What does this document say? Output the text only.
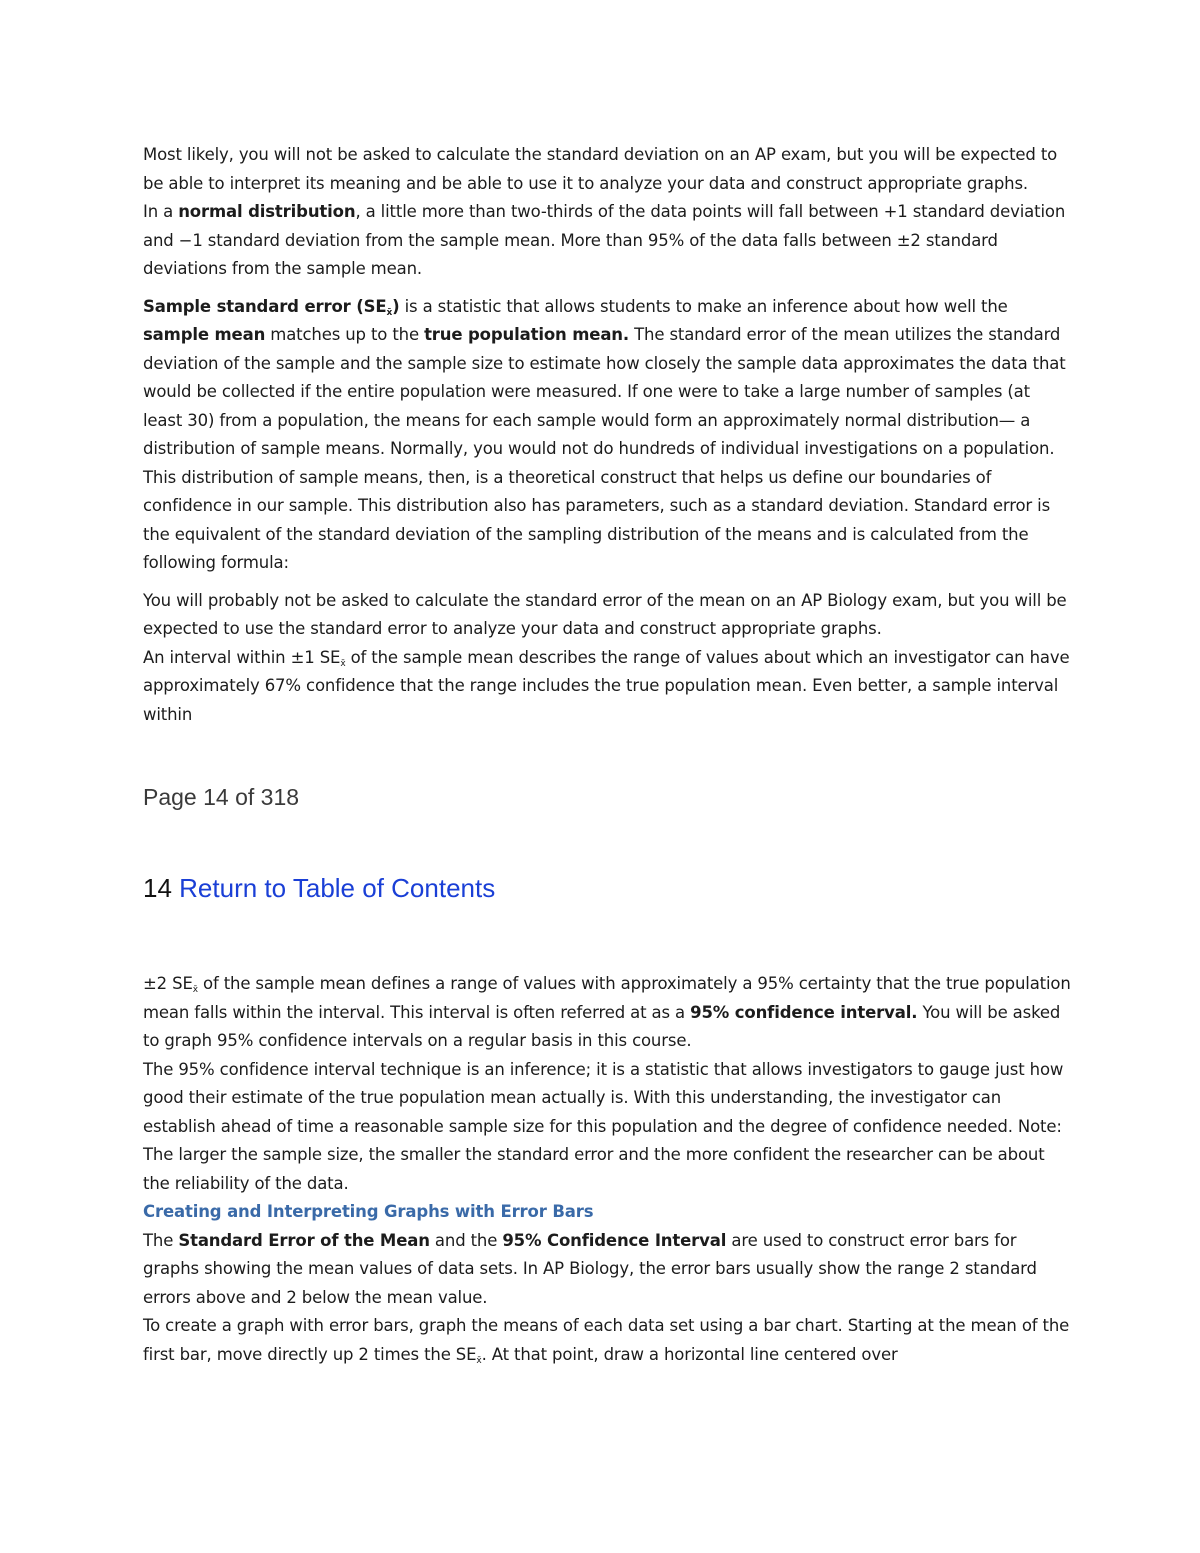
Most likely, you will not be asked to calculate the standard deviation on an AP exam, but you will be expected to be able to interpret its meaning and be able to use it to analyze your data and construct appropriate graphs.

In a normal distribution, a little more than two-thirds of the data points will fall between +1 standard deviation and −1 standard deviation from the sample mean. More than 95% of the data falls between ±2 standard deviations from the sample mean.

Sample standard error $(SE_{x̄})$ is a statistic that allows students to make an inference about how well the sample mean matches up to the true population mean. The standard error of the mean utilizes the standard deviation of the sample and the sample size to estimate how closely the sample data approximates the data that would be collected if the entire population were measured. If one were to take a large number of samples (at least 30) from a population, the means for each sample would form an approximately normal distribution— a distribution of sample means. Normally, you would not do hundreds of individual investigations on a population. This distribution of sample means, then, is a theoretical construct that helps us define our boundaries of confidence in our sample. This distribution also has parameters, such as a standard deviation. Standard error is the equivalent of the standard deviation of the sampling distribution of the means and is calculated from the following formula:

You will probably not be asked to calculate the standard error of the mean on an AP Biology exam, but you will be expected to use the standard error to analyze your data and construct appropriate graphs.

An interval within ±1 $SE_{x̄}$ of the sample mean describes the range of values about which an investigator can have approximately 67% confidence that the range includes the true population mean. Even better, a sample interval within

Page 14 of 318
14 Return to Table of Contents

±2 $SE_{x̄}$ of the sample mean defines a range of values with approximately a 95% certainty that the true population mean falls within the interval. This interval is often referred at as a 95% confidence interval. You will be asked to graph 95% confidence intervals on a regular basis in this course.

The 95% confidence interval technique is an inference; it is a statistic that allows investigators to gauge just how good their estimate of the true population mean actually is. With this understanding, the investigator can establish ahead of time a reasonable sample size for this population and the degree of confidence needed. Note: The larger the sample size, the smaller the standard error and the more confident the researcher can be about the reliability of the data.

Creating and Interpreting Graphs with Error Bars

The Standard Error of the Mean and the 95% Confidence Interval are used to construct error bars for graphs showing the mean values of data sets. In AP Biology, the error bars usually show the range 2 standard errors above and 2 below the mean value.

To create a graph with error bars, graph the means of each data set using a bar chart. Starting at the mean of the first bar, move directly up 2 times the $SE_{x̄}$. At that point, draw a horizontal line centered over
